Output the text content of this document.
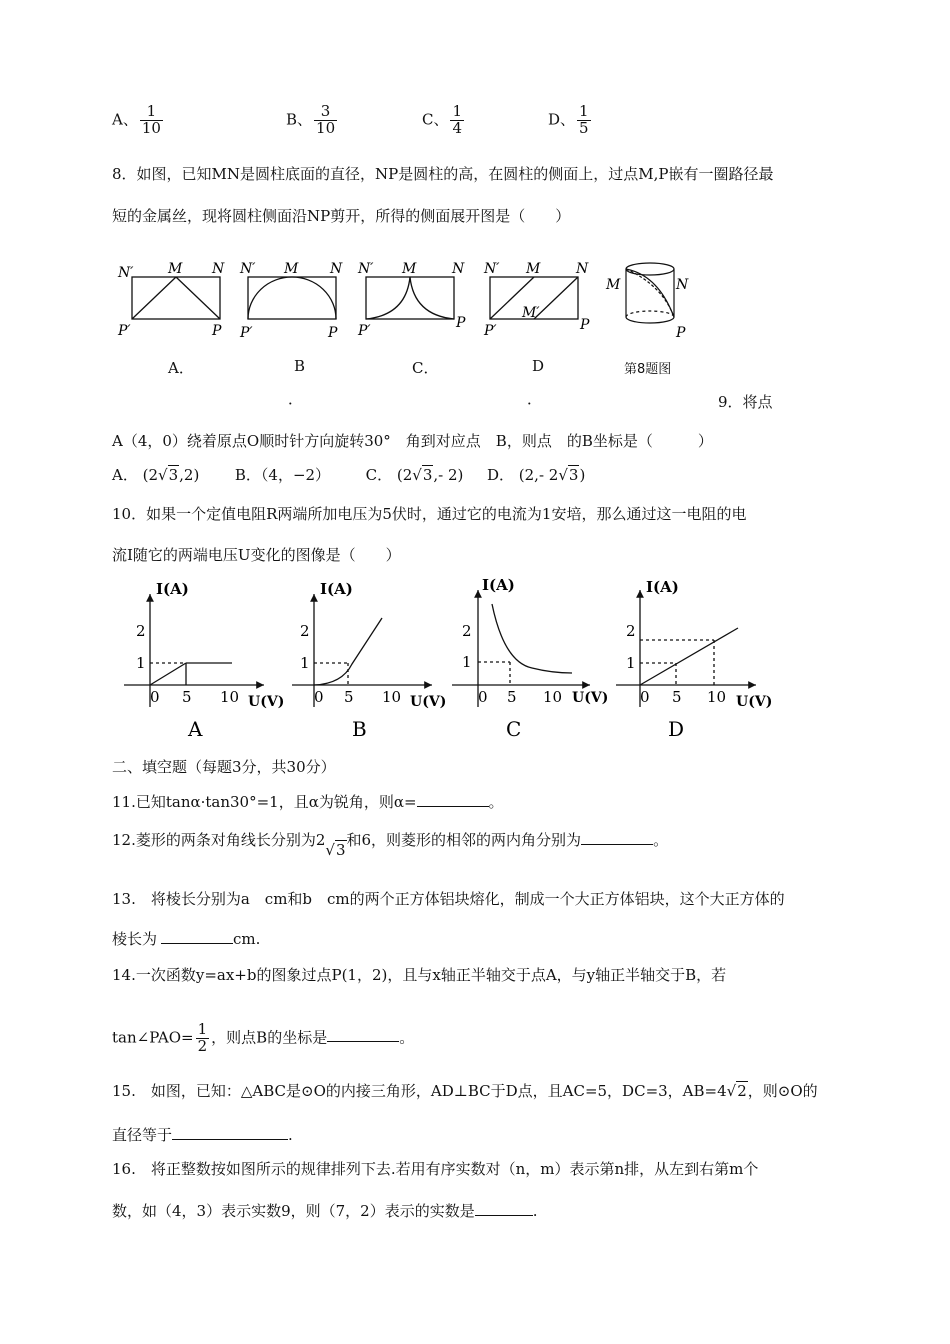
A、 $\frac{1}{10}$	B、 $\frac{3}{10}$	C、 $\frac{1}{4}$	D、 $\frac{1}{5}$
8．如图，已知MN是圆柱底面的直径，NP是圆柱的高，在圆柱的侧面上，过点M,P嵌有一圈路径最
短的金属丝，现将圆柱侧面沿NP剪开，所得的侧面展开图是（　　）
N′ M N
P′	P
N′ M N
P′	P
N′ M	N
P′	P
N′ M	N
M′
P′	P
M	N
P
A．	B	C．	D	第8题图
．	．	9．将点
A（4，0）绕着原点O顺时针方向旋转30°　角到对应点　B，则点　的B坐标是（　　　）
A． (2√3,2) B．（4，−2） C． (2√3,- 2) D． (2,- 2√3)
10．如果一个定值电阻R两端所加电压为5伏时，通过它的电流为1安培，那么通过这一电阻的电
流I随它的两端电压U变化的图像是（　　）
I(A)
2
1
0 5 10 U(V)
A
I(A)
2
1
0 5 10 U(V)
B
I(A)
2
1
0 5 10 U(V)
C
I(A)
2
1
0 5 10 U(V)
D
二、填空题（每题3分，共30分）
11.已知tanα·tan30°=1，且α为锐角，则α=	。
12.菱形的两条对角线长分别为2√3和6，则菱形的相邻的两内角分别为	。
13.　将棱长分别为a　cm和b　cm的两个正方体铝块熔化，制成一个大正方体铝块，这个大正方体的
棱长为	cm.
14.一次函数y=ax+b的图象过点P(1，2)，且与x轴正半轴交于点A，与y轴正半轴交于B，若
tan∠PAO= $\frac{1}{2}$ ，则点B的坐标是	。
15.　如图，已知：△ABC是⊙O的内接三角形，AD⊥BC于D点，且AC=5，DC=3，AB=4√2，则⊙O的
直径等于	.
16.　将正整数按如图所示的规律排列下去.若用有序实数对（n，m）表示第n排，从左到右第m个
数，如（4，3）表示实数9，则（7，2）表示的实数是	.
